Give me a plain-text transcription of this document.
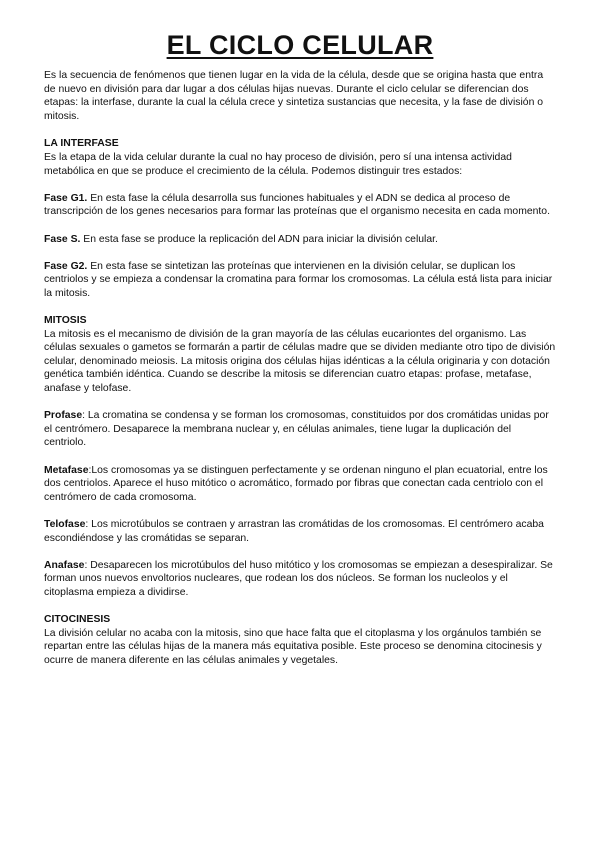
EL CICLO CELULAR

Es la secuencia de fenómenos que tienen lugar en la vida de la célula, desde que se origina hasta que entra de nuevo en división para dar lugar a dos células hijas nuevas. Durante el ciclo celular se diferencian dos etapas: la interfase, durante la cual la célula crece y sintetiza sustancias que necesita, y la fase de división o mitosis.

LA INTERFASE

Es la etapa de la vida celular durante la cual no hay proceso de división, pero sí una intensa actividad metabólica en que se produce el crecimiento de la célula. Podemos distinguir tres estados:

Fase G1. En esta fase la célula desarrolla sus funciones habituales y el ADN se dedica al proceso de transcripción de los genes necesarios para formar las proteínas que el organismo necesita en cada momento.

Fase S. En esta fase se produce la replicación del ADN para iniciar la división celular.

Fase G2. En esta fase se sintetizan las proteínas que intervienen en la división celular, se duplican los centriolos y se empieza a condensar la cromatina para formar los cromosomas. La célula está lista para iniciar la mitosis.

MITOSIS

La mitosis es el mecanismo de división de la gran mayoría de las células eucariontes del organismo. Las células sexuales o gametos se formarán a partir de células madre que se dividen mediante otro tipo de división celular, denominado meiosis. La mitosis origina dos células hijas idénticas a la célula originaria y con dotación genética también idéntica. Cuando se describe la mitosis se diferencian cuatro etapas: profase, metafase, anafase y telofase.

Profase: La cromatina se condensa y se forman los cromosomas, constituidos por dos cromátidas unidas por el centrómero. Desaparece la membrana nuclear y, en células animales, tiene lugar la duplicación del centriolo.

Metafase:Los cromosomas ya se distinguen perfectamente y se ordenan ninguno el plan ecuatorial, entre los dos centriolos. Aparece el huso mitótico o acromático, formado por fibras que conectan cada centriolo con el centrómero de cada cromosoma.

Telofase: Los microtúbulos se contraen y arrastran las cromátidas de los cromosomas. El centrómero acaba escondiéndose y las cromátidas se separan.

Anafase: Desaparecen los microtúbulos del huso mitótico y los cromosomas se empiezan a desespiralizar. Se forman unos nuevos envoltorios nucleares, que rodean los dos núcleos. Se forman los nucleolos y el citoplasma empieza a dividirse.

CITOCINESIS

La división celular no acaba con la mitosis, sino que hace falta que el citoplasma y los orgánulos también se repartan entre las células hijas de la manera más equitativa posible. Este proceso se denomina citocinesis y ocurre de manera diferente en las células animales y vegetales.
